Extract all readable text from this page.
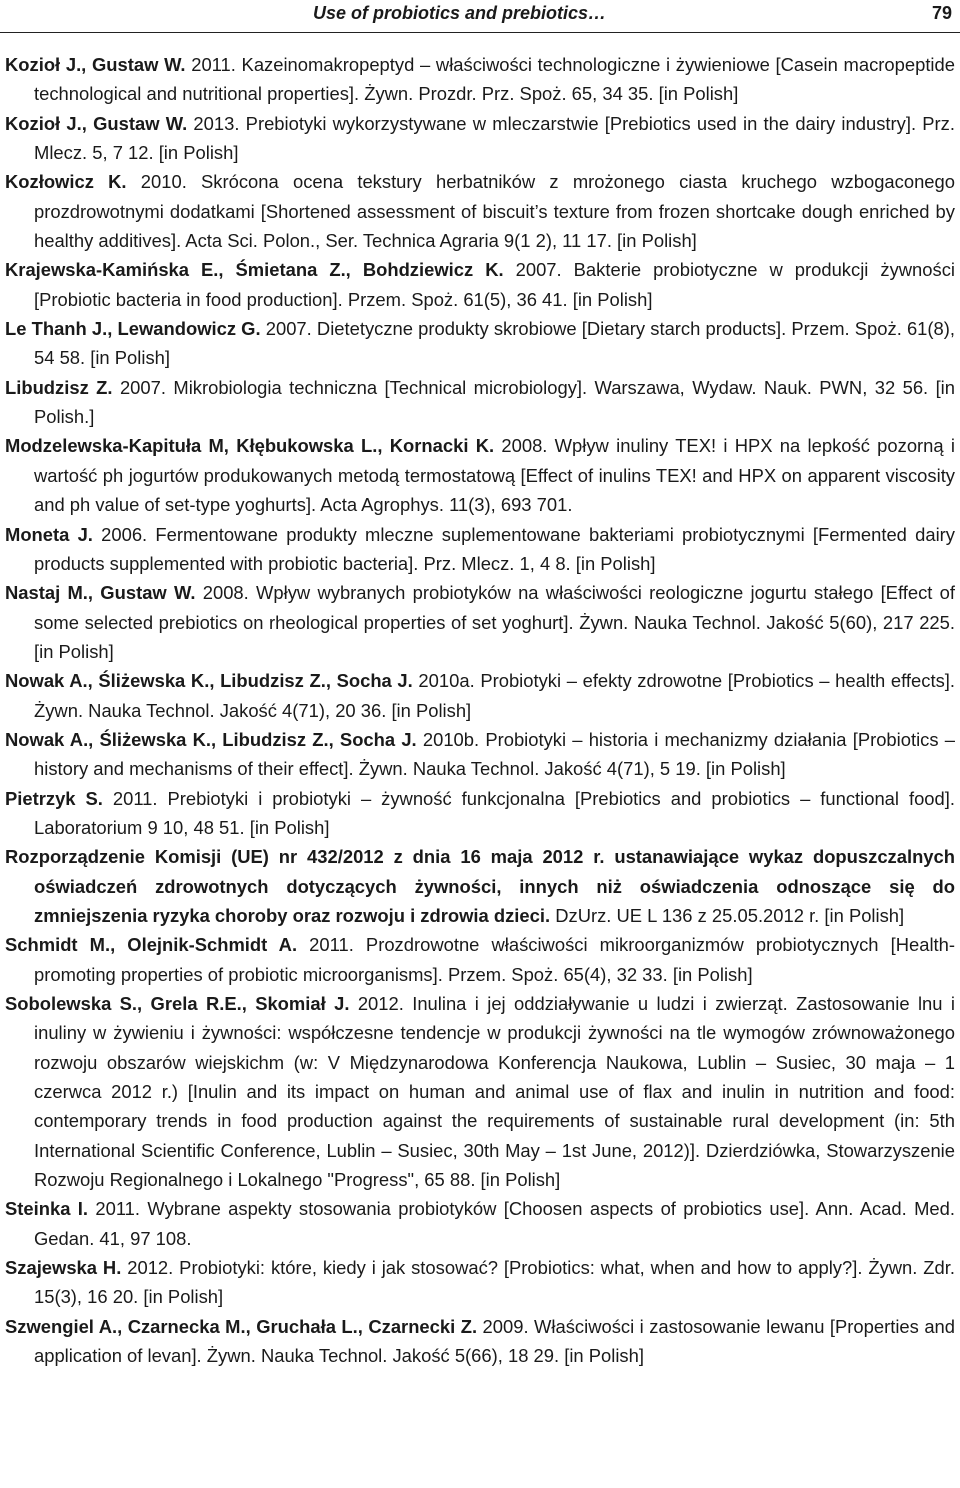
Use of probiotics and prebiotics…	79
Kozioł J., Gustaw W. 2011. Kazeinomakropeptyd – właściwości technologiczne i żywieniowe [Casein macropeptide technological and nutritional properties]. Żywn. Prozdr. Prz. Spoż. 65, 34 35. [in Polish]
Kozioł J., Gustaw W. 2013. Prebiotyki wykorzystywane w mleczarstwie [Prebiotics used in the dairy industry]. Prz. Mlecz. 5, 7 12. [in Polish]
Kozłowicz K. 2010. Skrócona ocena tekstury herbatników z mrożonego ciasta kruchego wzbogaconego prozdrowotnymi dodatkami [Shortened assessment of biscuit’s texture from frozen shortcake dough enriched by healthy additives]. Acta Sci. Polon., Ser. Technica Agraria 9(1 2), 11 17. [in Polish]
Krajewska-Kamińska E., Śmietana Z., Bohdziewicz K. 2007. Bakterie probiotyczne w produkcji żywności [Probiotic bacteria in food production]. Przem. Spoż. 61(5), 36 41. [in Polish]
Le Thanh J., Lewandowicz G. 2007. Dietetyczne produkty skrobiowe [Dietary starch products]. Przem. Spoż. 61(8), 54 58. [in Polish]
Libudzisz Z. 2007. Mikrobiologia techniczna [Technical microbiology]. Warszawa, Wydaw. Nauk. PWN, 32 56. [in Polish.]
Modzelewska-Kapituła M, Kłębukowska L., Kornacki K. 2008. Wpływ inuliny TEX! i HPX na lepkość pozorną i wartość ph jogurtów produkowanych metodą termostatową [Effect of inulins TEX! and HPX on apparent viscosity and ph value of set-type yoghurts]. Acta Agrophys. 11(3), 693 701.
Moneta J. 2006. Fermentowane produkty mleczne suplementowane bakteriami probiotycznymi [Fermented dairy products supplemented with probiotic bacteria]. Prz. Mlecz. 1, 4 8. [in Polish]
Nastaj M., Gustaw W. 2008. Wpływ wybranych probiotyków na właściwości reologiczne jogurtu stałego [Effect of some selected prebiotics on rheological properties of set yoghurt]. Żywn. Nauka Technol. Jakość 5(60), 217 225. [in Polish]
Nowak A., Śliżewska K., Libudzisz Z., Socha J. 2010a. Probiotyki – efekty zdrowotne [Probiotics – health effects]. Żywn. Nauka Technol. Jakość 4(71), 20 36. [in Polish]
Nowak A., Śliżewska K., Libudzisz Z., Socha J. 2010b. Probiotyki – historia i mechanizmy działania [Probiotics – history and mechanisms of their effect]. Żywn. Nauka Technol. Jakość 4(71), 5 19. [in Polish]
Pietrzyk S. 2011. Prebiotyki i probiotyki – żywność funkcjonalna [Prebiotics and probiotics – functional food]. Laboratorium 9 10, 48 51. [in Polish]
Rozporządzenie Komisji (UE) nr 432/2012 z dnia 16 maja 2012 r. ustanawiające wykaz dopuszczalnych oświadczeń zdrowotnych dotyczących żywności, innych niż oświadczenia odnoszące się do zmniejszenia ryzyka choroby oraz rozwoju i zdrowia dzieci. DzUrz. UE L 136 z 25.05.2012 r. [in Polish]
Schmidt M., Olejnik-Schmidt A. 2011. Prozdrowotne właściwości mikroorganizmów probiotycznych [Health-promoting properties of probiotic microorganisms]. Przem. Spoż. 65(4), 32 33. [in Polish]
Sobolewska S., Grela R.E., Skomiał J. 2012. Inulina i jej oddziaływanie u ludzi i zwierząt. Zastosowanie lnu i inuliny w żywieniu i żywności: współczesne tendencje w produkcji żywności na tle wymogów zrównoważonego rozwoju obszarów wiejskichm (w: V Międzynarodowa Konferencja Naukowa, Lublin – Susiec, 30 maja – 1 czerwca 2012 r.) [Inulin and its impact on human and animal use of flax and inulin in nutrition and food: contemporary trends in food production against the requirements of sustainable rural development (in: 5th International Scientific Conference, Lublin – Susiec, 30th May – 1st June, 2012)]. Dzierdziówka, Stowarzyszenie Rozwoju Regionalnego i Lokalnego "Progress", 65 88. [in Polish]
Steinka I. 2011. Wybrane aspekty stosowania probiotyków [Choosen aspects of probiotics use]. Ann. Acad. Med. Gedan. 41, 97 108.
Szajewska H. 2012. Probiotyki: które, kiedy i jak stosować? [Probiotics: what, when and how to apply?]. Żywn. Zdr. 15(3), 16 20. [in Polish]
Szwengiel A., Czarnecka M., Gruchała L., Czarnecki Z. 2009. Właściwości i zastosowanie lewanu [Properties and application of levan]. Żywn. Nauka Technol. Jakość 5(66), 18 29. [in Polish]
